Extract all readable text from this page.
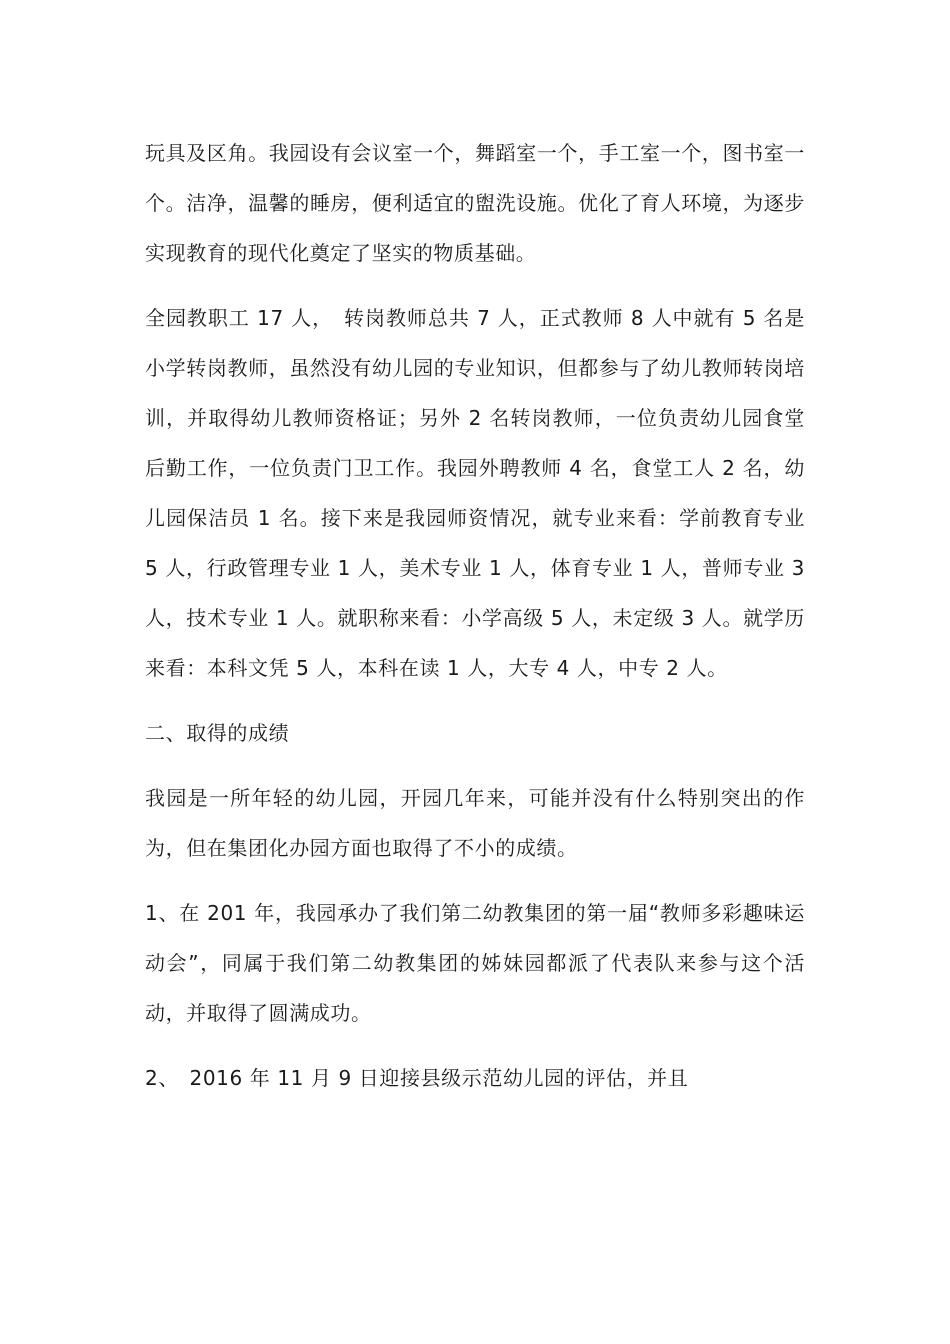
玩具及区角。我园设有会议室一个，舞蹈室一个，手工室一个，图书室一个。洁净，温馨的睡房，便利适宜的盥洗设施。优化了育人环境，为逐步实现教育的现代化奠定了坚实的物质基础。

全园教职工 17 人，　转岗教师总共 7 人，正式教师 8 人中就有 5 名是小学转岗教师，虽然没有幼儿园的专业知识，但都参与了幼儿教师转岗培训，并取得幼儿教师资格证；另外 2 名转岗教师，一位负责幼儿园食堂后勤工作，一位负责门卫工作。我园外聘教师 4 名，食堂工人 2 名，幼儿园保洁员 1 名。接下来是我园师资情况，就专业来看：学前教育专业 5 人，行政管理专业 1 人，美术专业 1 人，体育专业 1 人，普师专业 3 人，技术专业 1 人。就职称来看：小学高级 5 人，未定级 3 人。就学历来看：本科文凭 5 人，本科在读 1 人，大专 4 人，中专 2 人。

二、取得的成绩

我园是一所年轻的幼儿园，开园几年来，可能并没有什么特别突出的作为，但在集团化办园方面也取得了不小的成绩。

1、在 201 年，我园承办了我们第二幼教集团的第一届“教师多彩趣味运动会”，同属于我们第二幼教集团的姊妹园都派了代表队来参与这个活动，并取得了圆满成功。

2、　2016 年 11 月 9 日迎接县级示范幼儿园的评估，并且
